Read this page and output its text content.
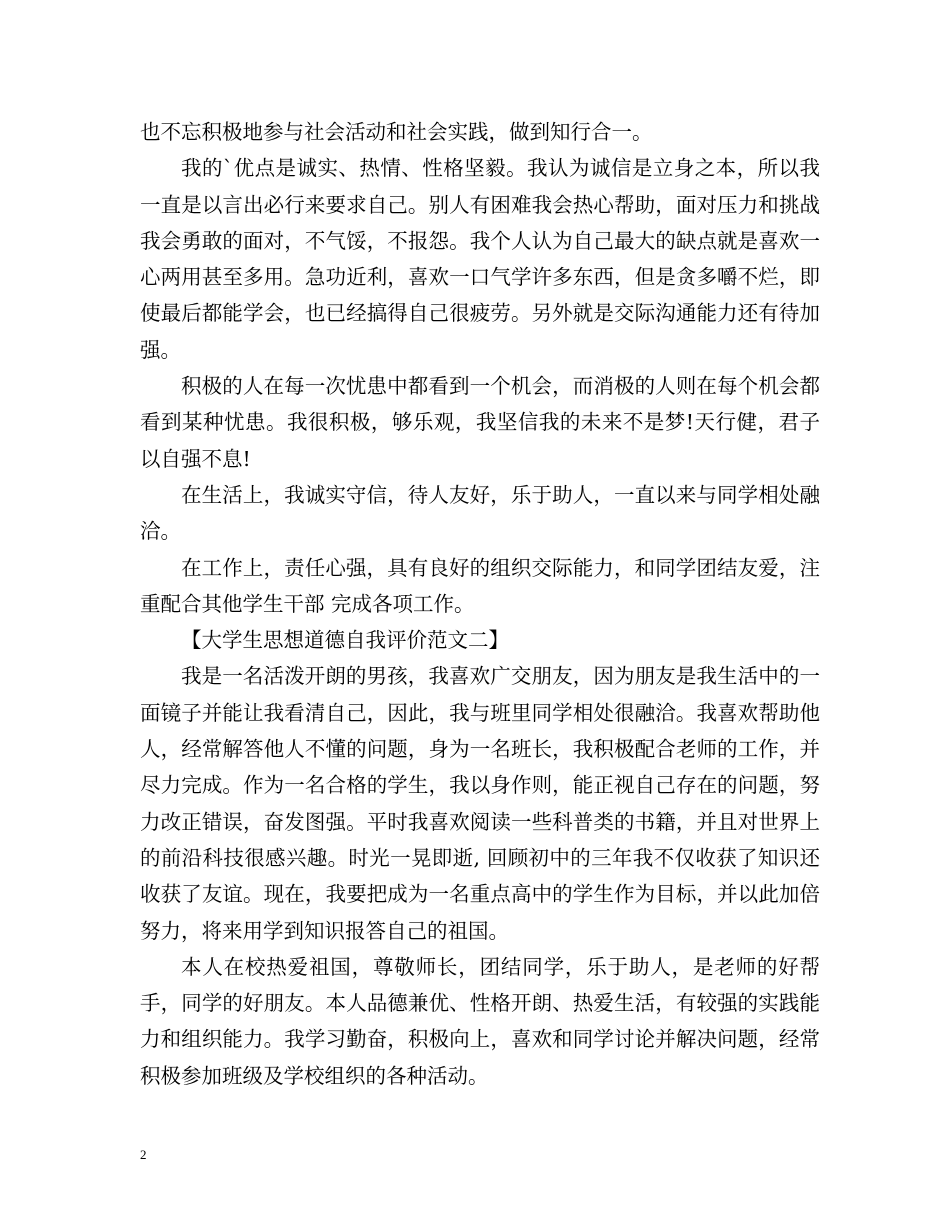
也不忘积极地参与社会活动和社会实践，做到知行合一。

我的`优点是诚实、热情、性格坚毅。我认为诚信是立身之本，所以我一直是以言出必行来要求自己。别人有困难我会热心帮助，面对压力和挑战我会勇敢的面对，不气馁，不报怨。我个人认为自己最大的缺点就是喜欢一心两用甚至多用。急功近利，喜欢一口气学许多东西，但是贪多嚼不烂，即使最后都能学会，也已经搞得自己很疲劳。另外就是交际沟通能力还有待加强。

积极的人在每一次忧患中都看到一个机会，而消极的人则在每个机会都看到某种忧患。我很积极，够乐观，我坚信我的未来不是梦!天行健，君子以自强不息!

在生活上，我诚实守信，待人友好，乐于助人，一直以来与同学相处融洽。

在工作上，责任心强，具有良好的组织交际能力，和同学团结友爱，注重配合其他学生干部 完成各项工作。

【大学生思想道德自我评价范文二】

我是一名活泼开朗的男孩，我喜欢广交朋友，因为朋友是我生活中的一面镜子并能让我看清自己，因此，我与班里同学相处很融洽。我喜欢帮助他人，经常解答他人不懂的问题，身为一名班长，我积极配合老师的工作，并尽力完成。作为一名合格的学生，我以身作则，能正视自己存在的问题，努力改正错误，奋发图强。平时我喜欢阅读一些科普类的书籍，并且对世界上的前沿科技很感兴趣。时光一晃即逝, 回顾初中的三年我不仅收获了知识还收获了友谊。现在，我要把成为一名重点高中的学生作为目标，并以此加倍努力，将来用学到知识报答自己的祖国。

本人在校热爱祖国，尊敬师长，团结同学，乐于助人，是老师的好帮手，同学的好朋友。本人品德兼优、性格开朗、热爱生活，有较强的实践能力和组织能力。我学习勤奋，积极向上，喜欢和同学讨论并解决问题，经常积极参加班级及学校组织的各种活动。

2
